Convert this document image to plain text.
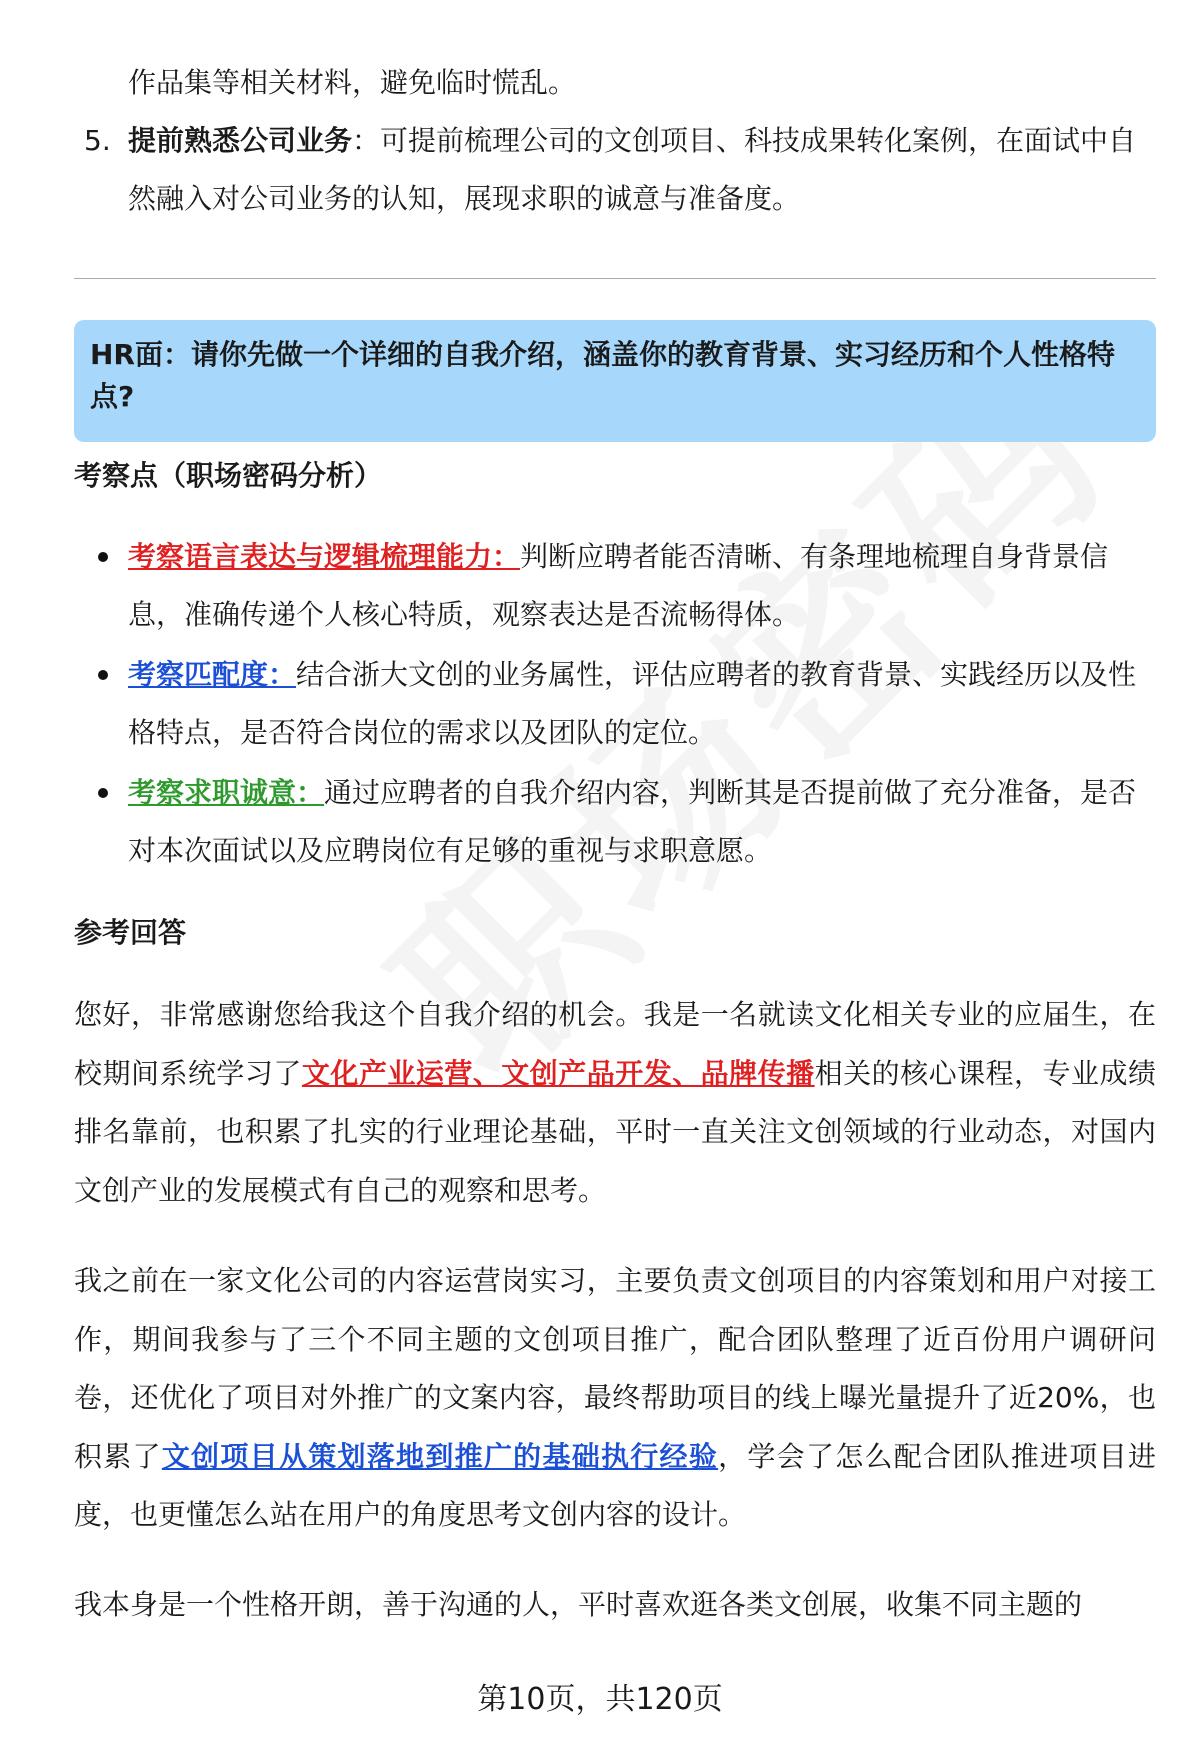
作品集等相关材料，避免临时慌乱。
5. 提前熟悉公司业务：可提前梳理公司的文创项目、科技成果转化案例，在面试中自然融入对公司业务的认知，展现求职的诚意与准备度。
HR面：请你先做一个详细的自我介绍，涵盖你的教育背景、实习经历和个人性格特点?
考察点（职场密码分析）
考察语言表达与逻辑梳理能力：判断应聘者能否清晰、有条理地梳理自身背景信息，准确传递个人核心特质，观察表达是否流畅得体。
考察匹配度：结合浙大文创的业务属性，评估应聘者的教育背景、实践经历以及性格特点，是否符合岗位的需求以及团队的定位。
考察求职诚意：通过应聘者的自我介绍内容，判断其是否提前做了充分准备，是否对本次面试以及应聘岗位有足够的重视与求职意愿。
参考回答
您好，非常感谢您给我这个自我介绍的机会。我是一名就读文化相关专业的应届生，在校期间系统学习了文化产业运营、文创产品开发、品牌传播相关的核心课程，专业成绩排名靠前，也积累了扎实的行业理论基础，平时一直关注文创领域的行业动态，对国内文创产业的发展模式有自己的观察和思考。
我之前在一家文化公司的内容运营岗实习，主要负责文创项目的内容策划和用户对接工作，期间我参与了三个不同主题的文创项目推广，配合团队整理了近百份用户调研问卷，还优化了项目对外推广的文案内容，最终帮助项目的线上曝光量提升了近20%，也积累了文创项目从策划落地到推广的基础执行经验，学会了怎么配合团队推进项目进度，也更懂怎么站在用户的角度思考文创内容的设计。
我本身是一个性格开朗，善于沟通的人，平时喜欢逛各类文创展，收集不同主题的
第10页，共120页
